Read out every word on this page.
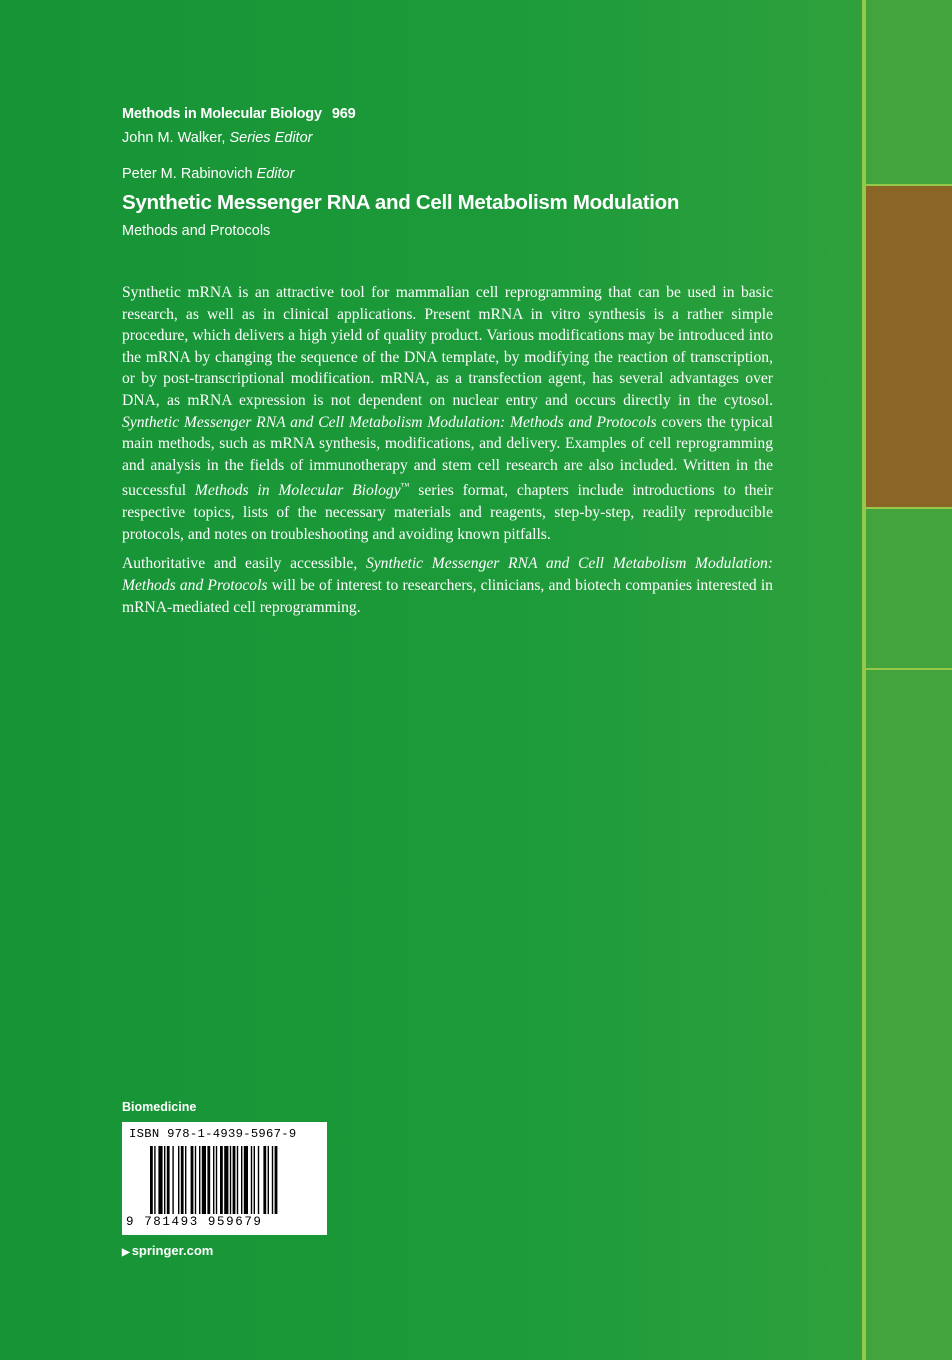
Methods in Molecular Biology 969
John M. Walker, Series Editor
Peter M. Rabinovich Editor
Synthetic Messenger RNA and Cell Metabolism Modulation
Methods and Protocols

Synthetic mRNA is an attractive tool for mammalian cell reprogramming that can be used in basic research, as well as in clinical applications. Present mRNA in vitro synthesis is a rather simple procedure, which delivers a high yield of quality product. Various modifications may be introduced into the mRNA by changing the sequence of the DNA template, by modifying the reaction of transcription, or by post-transcriptional modification. mRNA, as a transfection agent, has several advantages over DNA, as mRNA expression is not dependent on nuclear entry and occurs directly in the cytosol. Synthetic Messenger RNA and Cell Metabolism Modulation: Methods and Protocols covers the typical main methods, such as mRNA synthesis, modifications, and delivery. Examples of cell reprogramming and analysis in the fields of immunotherapy and stem cell research are also included. Written in the successful Methods in Molecular Biology™ series format, chapters include introductions to their respective topics, lists of the necessary materials and reagents, step-by-step, readily reproducible protocols, and notes on troubleshooting and avoiding known pitfalls.

Authoritative and easily accessible, Synthetic Messenger RNA and Cell Metabolism Modulation: Methods and Protocols will be of interest to researchers, clinicians, and biotech companies interested in mRNA-mediated cell reprogramming.

Biomedicine
ISBN 978-1-4939-5967-9
9 781493 959679
▶ springer.com
